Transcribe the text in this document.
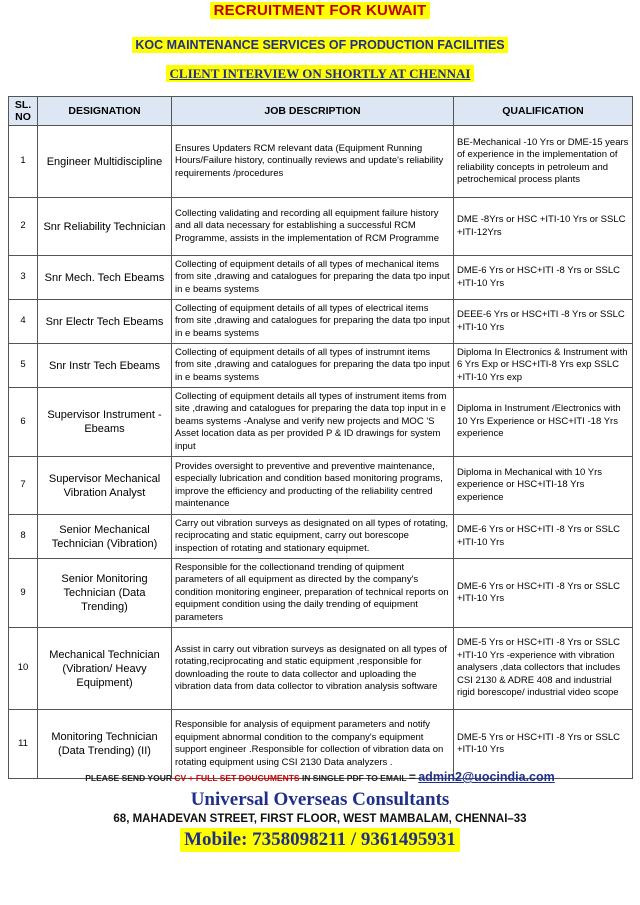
RECRUITMENT FOR KUWAIT
KOC MAINTENANCE SERVICES OF PRODUCTION FACILITIES
CLIENT INTERVIEW ON SHORTLY AT CHENNAI
SL. NO	DESIGNATION	JOB DESCRIPTION	QUALIFICATION
1	Engineer Multidiscipline	Ensures Updaters RCM relevant data (Equipment Running Hours/Failure history, continually reviews and update's reliability requirements /procedures	BE-Mechanical -10 Yrs or DME-15 years of experience in the implementation of reliability concepts in petroleum and petrochemical process plants
2	Snr Reliability Technician	Collecting validating and recording all equipment failure history and all data necessary for establishing a successful RCM Programme, assists in the implementation of RCM Programme	DME -8Yrs or HSC +ITI-10 Yrs or SSLC +ITI-12Yrs
3	Snr Mech. Tech Ebeams	Collecting of equipment details of all types of mechanical items from site ,drawing and catalogues for preparing the data tpo input in e beams systems	DME-6 Yrs or HSC+ITI -8 Yrs or SSLC +ITI-10 Yrs
4	Snr Electr Tech Ebeams	Collecting of equipment details of all types of electrical items from site ,drawing and catalogues for preparing the data tpo input in e beams systems	DEEE-6 Yrs or HSC+ITI -8 Yrs or SSLC +ITI-10 Yrs
5	Snr Instr Tech Ebeams	Collecting of equipment details of all types of instrumnt items from site ,drawing and catalogues for preparing the data tpo input in e beams systems	Diploma In Electronics & Instrument with 6 Yrs Exp or HSC+ITI-8 Yrs exp SSLC +ITI-10 Yrs exp
6	Supervisor Instrument -Ebeams	Collecting of equipment details all types of instrument items from site ,drawing and catalogues for preparing the data top input in e beams systems -Analyse and verify new projects and MOC 'S Asset location data as per provided P & ID drawings for system input	Diploma in Instrument /Electronics with 10 Yrs Experience or HSC+ITI -18 Yrs experience
7	Supervisor Mechanical Vibration Analyst	Provides oversight to preventive and preventive maintenance, especially lubrication and condition based monitoring programs, improve the efficiency and producting of the reliability centred maintenance	Diploma in Mechanical with 10 Yrs experience or HSC+ITI-18 Yrs experience
8	Senior Mechanical Technician (Vibration)	Carry out vibration surveys as designated on all types of rotating, reciprocating and static equipment, carry out borescope inspection of rotating and stationary equipmet.	DME-6 Yrs or HSC+ITI -8 Yrs or SSLC +ITI-10 Yrs
9	Senior Monitoring Technician (Data Trending)	Responsible for the collectionand trending of quipment parameters of all equipment as directed by the company's condition monitoring engineer, preparation of technical reports on equipment condition using the daily trending of equipment parameters	DME-6 Yrs or HSC+ITI -8 Yrs or SSLC +ITI-10 Yrs
10	Mechanical Technician (Vibration/ Heavy Equipment)	Assist in carry out vibration surveys as designated on all types of rotating,reciprocating and static equipment ,responsible for downloading the route to data collector and uploading the vibration data from data collector to vibration analysis software	DME-5 Yrs or HSC+ITI -8 Yrs or SSLC +ITI-10 Yrs -experience with vibration analysers ,data collectors that includes CSI 2130 & ADRE 408 and industrial rigid borescope/ industrial video scope
11	Monitoring Technician (Data Trending) (II)	Responsible for analysis of equipment parameters and notify equipment abnormal condition to the company's equipment support engineer .Responsible for collection of vibration data on rotating equipment using CSI 2130 Data analyzers .	DME-5 Yrs or HSC+ITI -8 Yrs or SSLC +ITI-10 Yrs
PLEASE SEND YOUR CV + FULL SET DOUCUMENTS IN SINGLE PDF TO EMAIL = admin2@uocindia.com
Universal Overseas Consultants
68, MAHADEVAN STREET, FIRST FLOOR, WEST MAMBALAM, CHENNAI–33
Mobile: 7358098211 / 9361495931
